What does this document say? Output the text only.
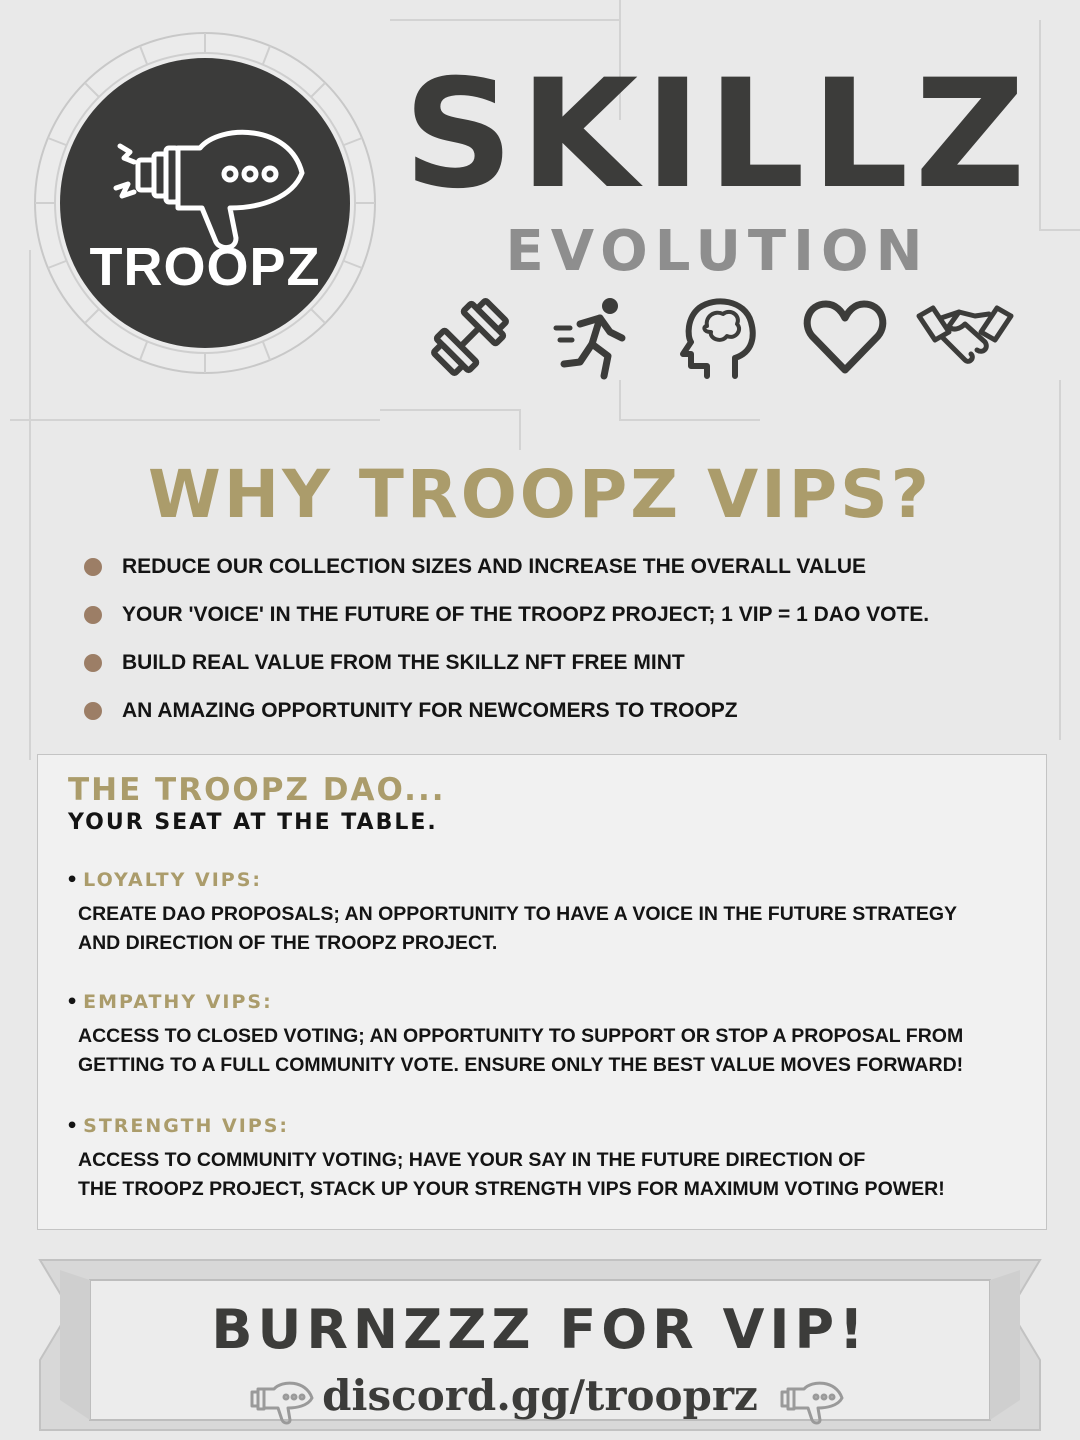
TROOPZ
SKILLZ
EVOLUTION
WHY TROOPZ VIPS?
REDUCE OUR COLLECTION SIZES AND INCREASE THE OVERALL VALUE
YOUR 'VOICE' IN THE FUTURE OF THE TROOPZ PROJECT; 1 VIP = 1 DAO VOTE.
BUILD REAL VALUE FROM THE SKILLZ NFT FREE MINT
AN AMAZING OPPORTUNITY FOR NEWCOMERS TO TROOPZ
THE TROOPZ DAO...
YOUR SEAT AT THE TABLE.
• LOYALTY VIPS:
CREATE DAO PROPOSALS; AN OPPORTUNITY TO HAVE A VOICE IN THE FUTURE STRATEGY
AND DIRECTION OF THE TROOPZ PROJECT.
• EMPATHY VIPS:
ACCESS TO CLOSED VOTING; AN OPPORTUNITY TO SUPPORT OR STOP A PROPOSAL FROM
GETTING TO A FULL COMMUNITY VOTE. ENSURE ONLY THE BEST VALUE MOVES FORWARD!
• STRENGTH VIPS:
ACCESS TO COMMUNITY VOTING; HAVE YOUR SAY IN THE FUTURE DIRECTION OF
THE TROOPZ PROJECT, STACK UP YOUR STRENGTH VIPS FOR MAXIMUM VOTING POWER!
BURNZZZ FOR VIP!
discord.gg/trooprz
